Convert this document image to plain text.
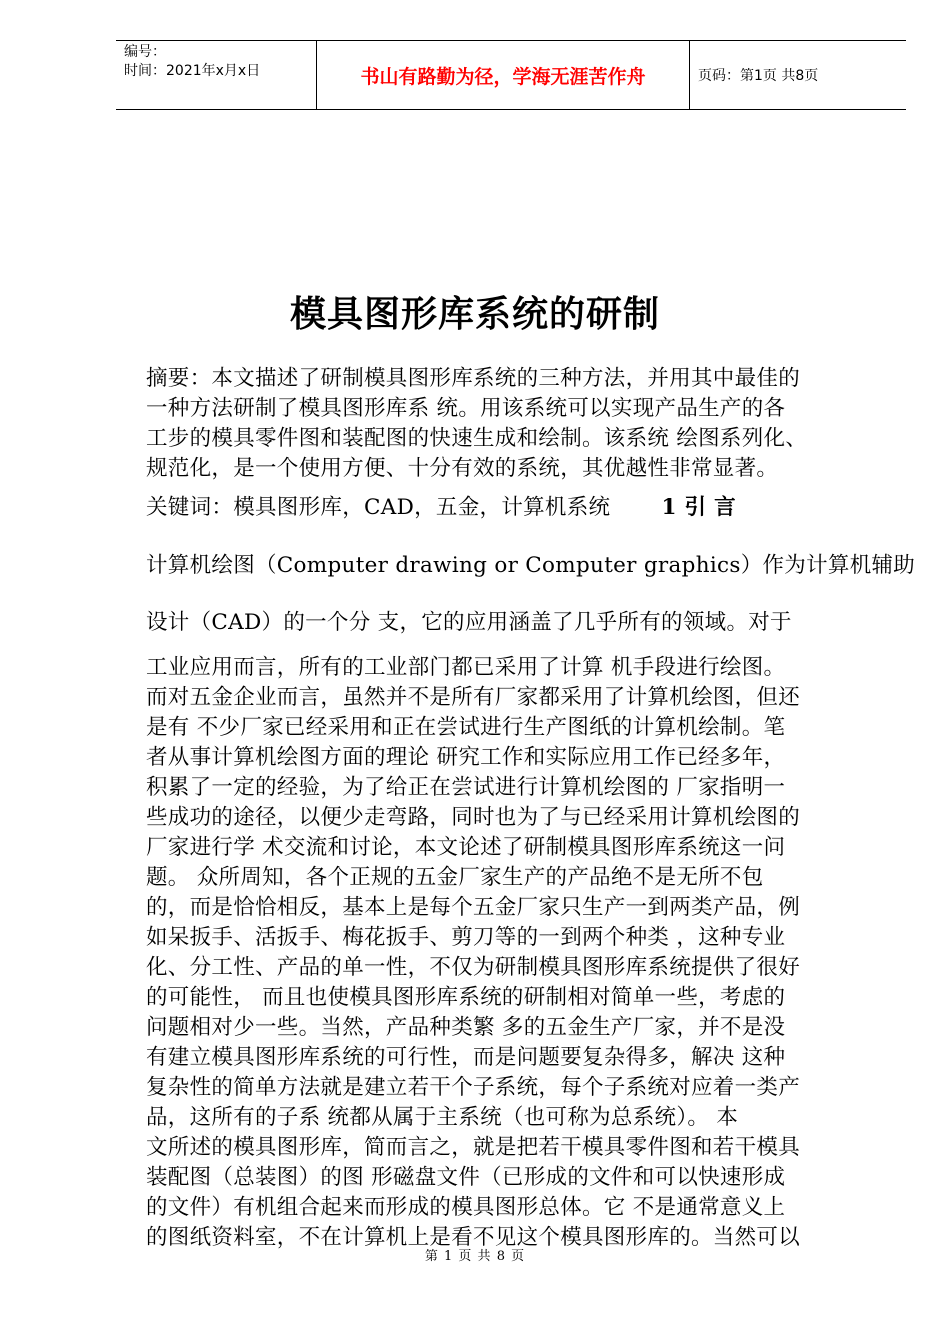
编号：
时间：2021年x月x日	书山有路勤为径，学海无涯苦作舟	页码：第1页 共8页
模具图形库系统的研制
摘要：本文描述了研制模具图形库系统的三种方法，并用其中最佳的
一种方法研制了模具图形库系 统。用该系统可以实现产品生产的各
工步的模具零件图和装配图的快速生成和绘制。该系统 绘图系列化、
规范化，是一个使用方便、十分有效的系统，其优越性非常显著。
关键词：模具图形库，CAD，五金，计算机系统 1 引 言
计算机绘图（Computer drawing or Computer graphics）作为计算机辅助
设计（CAD）的一个分 支，它的应用涵盖了几乎所有的领域。对于
工业应用而言，所有的工业部门都已采用了计算 机手段进行绘图。
而对五金企业而言，虽然并不是所有厂家都采用了计算机绘图，但还
是有 不少厂家已经采用和正在尝试进行生产图纸的计算机绘制。笔
者从事计算机绘图方面的理论 研究工作和实际应用工作已经多年，
积累了一定的经验，为了给正在尝试进行计算机绘图的 厂家指明一
些成功的途径，以便少走弯路，同时也为了与已经采用计算机绘图的
厂家进行学 术交流和讨论，本文论述了研制模具图形库系统这一问
题。 众所周知，各个正规的五金厂家生产的产品绝不是无所不包
的，而是恰恰相反，基本上是每个五金厂家只生产一到两类产品，例
如呆扳手、活扳手、梅花扳手、剪刀等的一到两个种类 ，这种专业
化、分工性、产品的单一性，不仅为研制模具图形库系统提供了很好
的可能性， 而且也使模具图形库系统的研制相对简单一些，考虑的
问题相对少一些。当然，产品种类繁 多的五金生产厂家，并不是没
有建立模具图形库系统的可行性，而是问题要复杂得多，解决 这种
复杂性的简单方法就是建立若干个子系统，每个子系统对应着一类产
品，这所有的子系 统都从属于主系统（也可称为总系统）。 本
文所述的模具图形库，简而言之，就是把若干模具零件图和若干模具
装配图（总装图）的图 形磁盘文件（已形成的文件和可以快速形成
的文件）有机组合起来而形成的模具图形总体。它 不是通常意义上
的图纸资料室，不在计算机上是看不见这个模具图形库的。当然可以
第 1 页 共 8 页
